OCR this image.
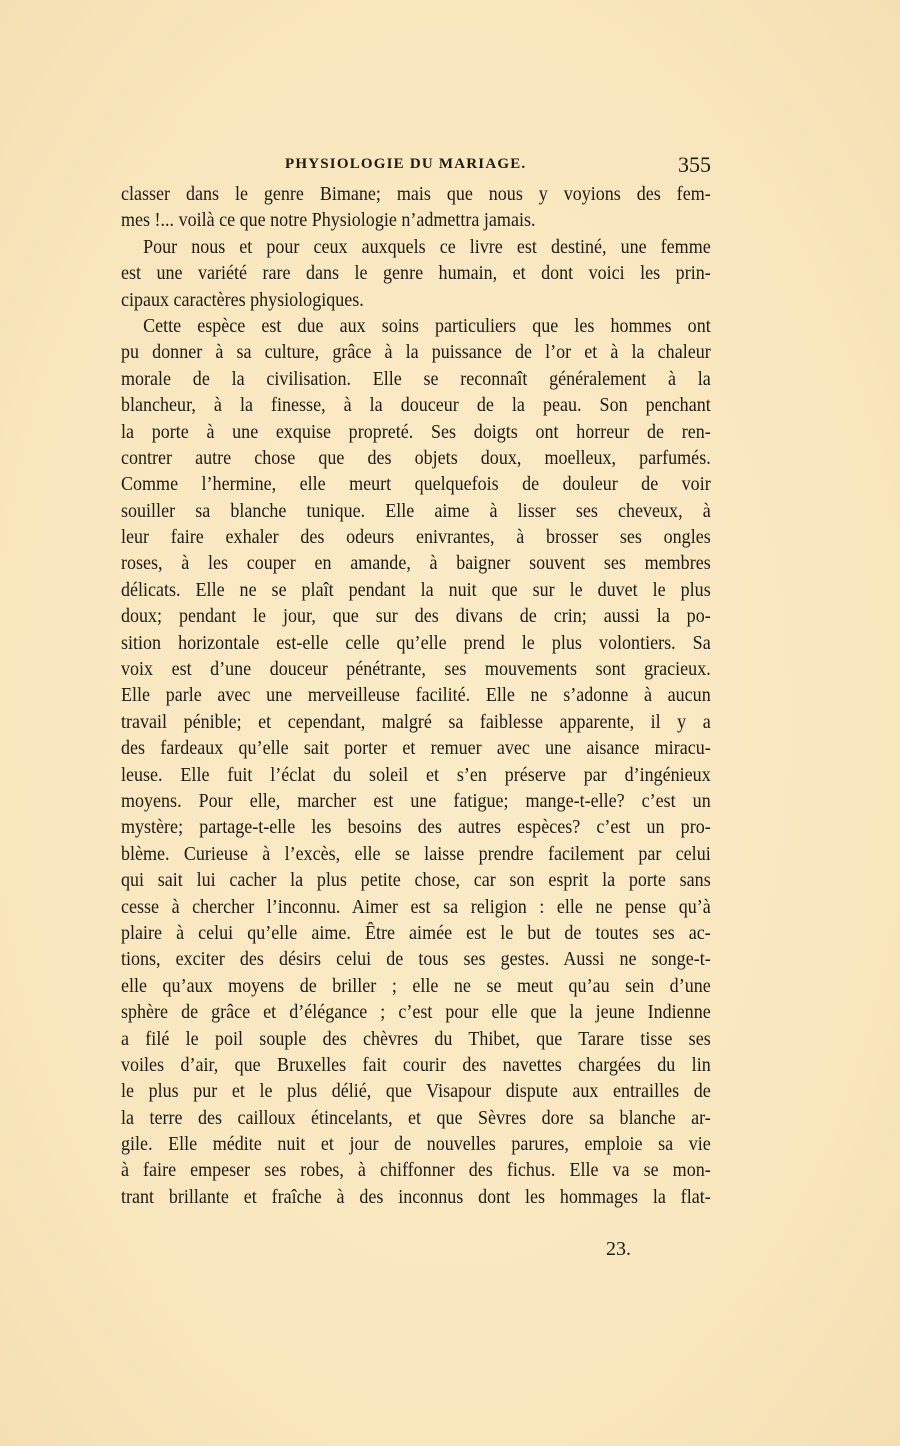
PHYSIOLOGIE DU MARIAGE.	355
classer dans le genre Bimane; mais que nous y voyions des fem-
mes !... voilà ce que notre Physiologie n’admettra jamais.
Pour nous et pour ceux auxquels ce livre est destiné, une femme
est une variété rare dans le genre humain, et dont voici les prin-
cipaux caractères physiologiques.
Cette espèce est due aux soins particuliers que les hommes ont
pu donner à sa culture, grâce à la puissance de l’or et à la chaleur
morale de la civilisation. Elle se reconnaît généralement à la
blancheur, à la finesse, à la douceur de la peau. Son penchant
la porte à une exquise propreté. Ses doigts ont horreur de ren-
contrer autre chose que des objets doux, moelleux, parfumés.
Comme l’hermine, elle meurt quelquefois de douleur de voir
souiller sa blanche tunique. Elle aime à lisser ses cheveux, à
leur faire exhaler des odeurs enivrantes, à brosser ses ongles
roses, à les couper en amande, à baigner souvent ses membres
délicats. Elle ne se plaît pendant la nuit que sur le duvet le plus
doux; pendant le jour, que sur des divans de crin; aussi la po-
sition horizontale est-elle celle qu’elle prend le plus volontiers. Sa
voix est d’une douceur pénétrante, ses mouvements sont gracieux.
Elle parle avec une merveilleuse facilité. Elle ne s’adonne à aucun
travail pénible; et cependant, malgré sa faiblesse apparente, il y a
des fardeaux qu’elle sait porter et remuer avec une aisance miracu-
leuse. Elle fuit l’éclat du soleil et s’en préserve par d’ingénieux
moyens. Pour elle, marcher est une fatigue; mange-t-elle? c’est un
mystère; partage-t-elle les besoins des autres espèces? c’est un pro-
blème. Curieuse à l’excès, elle se laisse prendre facilement par celui
qui sait lui cacher la plus petite chose, car son esprit la porte sans
cesse à chercher l’inconnu. Aimer est sa religion : elle ne pense qu’à
plaire à celui qu’elle aime. Être aimée est le but de toutes ses ac-
tions, exciter des désirs celui de tous ses gestes. Aussi ne songe-t-
elle qu’aux moyens de briller ; elle ne se meut qu’au sein d’une
sphère de grâce et d’élégance ; c’est pour elle que la jeune Indienne
a filé le poil souple des chèvres du Thibet, que Tarare tisse ses
voiles d’air, que Bruxelles fait courir des navettes chargées du lin
le plus pur et le plus délié, que Visapour dispute aux entrailles de
la terre des cailloux étincelants, et que Sèvres dore sa blanche ar-
gile. Elle médite nuit et jour de nouvelles parures, emploie sa vie
à faire empeser ses robes, à chiffonner des fichus. Elle va se mon-
trant brillante et fraîche à des inconnus dont les hommages la flat-
23.
